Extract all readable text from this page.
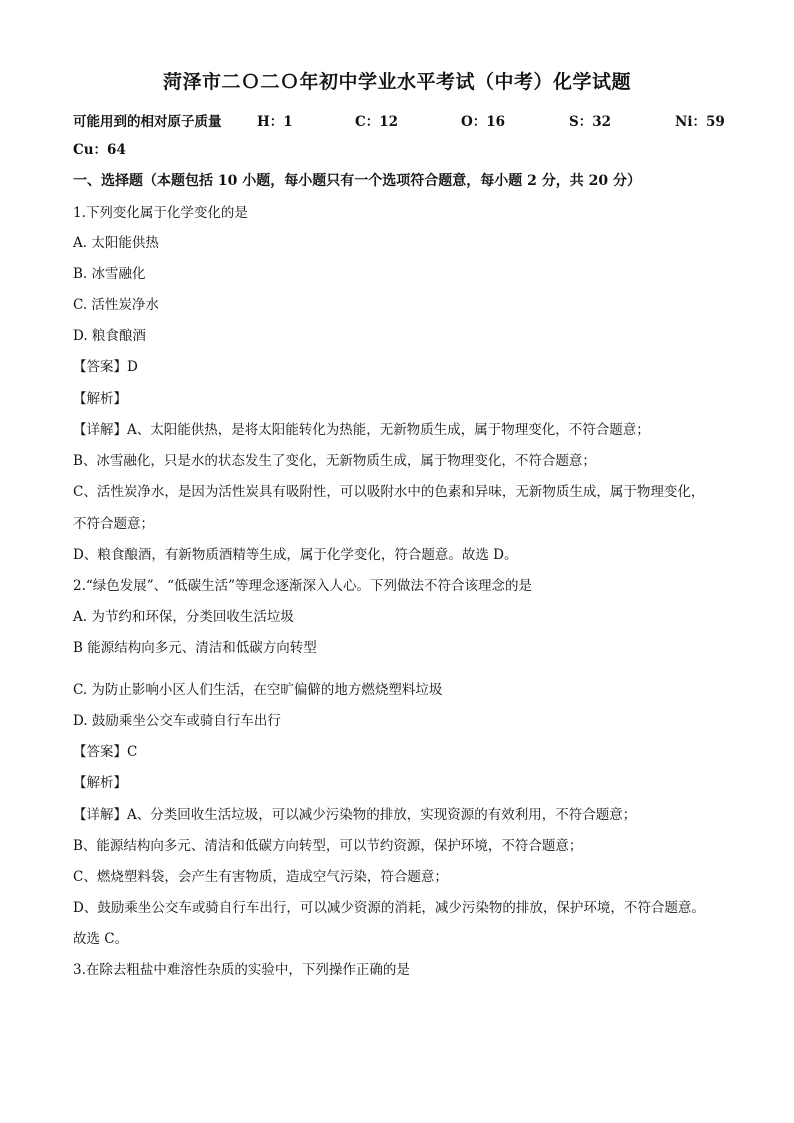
菏泽市二Ｏ二Ｏ年初中学业水平考试（中考）化学试题
可能用到的相对原子质量	H：1	C：12	O：16	S：32	Ni：59
Cu：64
一、选择题（本题包括 10 小题，每小题只有一个选项符合题意，每小题 2 分，共 20 分）
1.下列变化属于化学变化的是
A. 太阳能供热
B. 冰雪融化
C. 活性炭净水
D. 粮食酿酒
【答案】D
【解析】
【详解】A、太阳能供热，是将太阳能转化为热能，无新物质生成，属于物理变化，不符合题意；
B、冰雪融化，只是水的状态发生了变化，无新物质生成，属于物理变化，不符合题意；
C、活性炭净水，是因为活性炭具有吸附性，可以吸附水中的色素和异味，无新物质生成，属于物理变化，
不符合题意；
D、粮食酿酒，有新物质酒精等生成，属于化学变化，符合题意。故选 D。
2.“绿色发展”、“低碳生活”等理念逐渐深入人心。下列做法不符合该理念的是
A. 为节约和环保，分类回收生活垃圾
B 能源结构向多元、清洁和低碳方向转型
C. 为防止影响小区人们生活，在空旷偏僻的地方燃烧塑料垃圾
D. 鼓励乘坐公交车或骑自行车出行
【答案】C
【解析】
【详解】A、分类回收生活垃圾，可以减少污染物的排放，实现资源的有效利用，不符合题意；
B、能源结构向多元、清洁和低碳方向转型，可以节约资源，保护环境，不符合题意；
C、燃烧塑料袋，会产生有害物质，造成空气污染，符合题意；
D、鼓励乘坐公交车或骑自行车出行，可以减少资源的消耗，减少污染物的排放，保护环境，不符合题意。
故选 C。
3.在除去粗盐中难溶性杂质的实验中，下列操作正确的是
